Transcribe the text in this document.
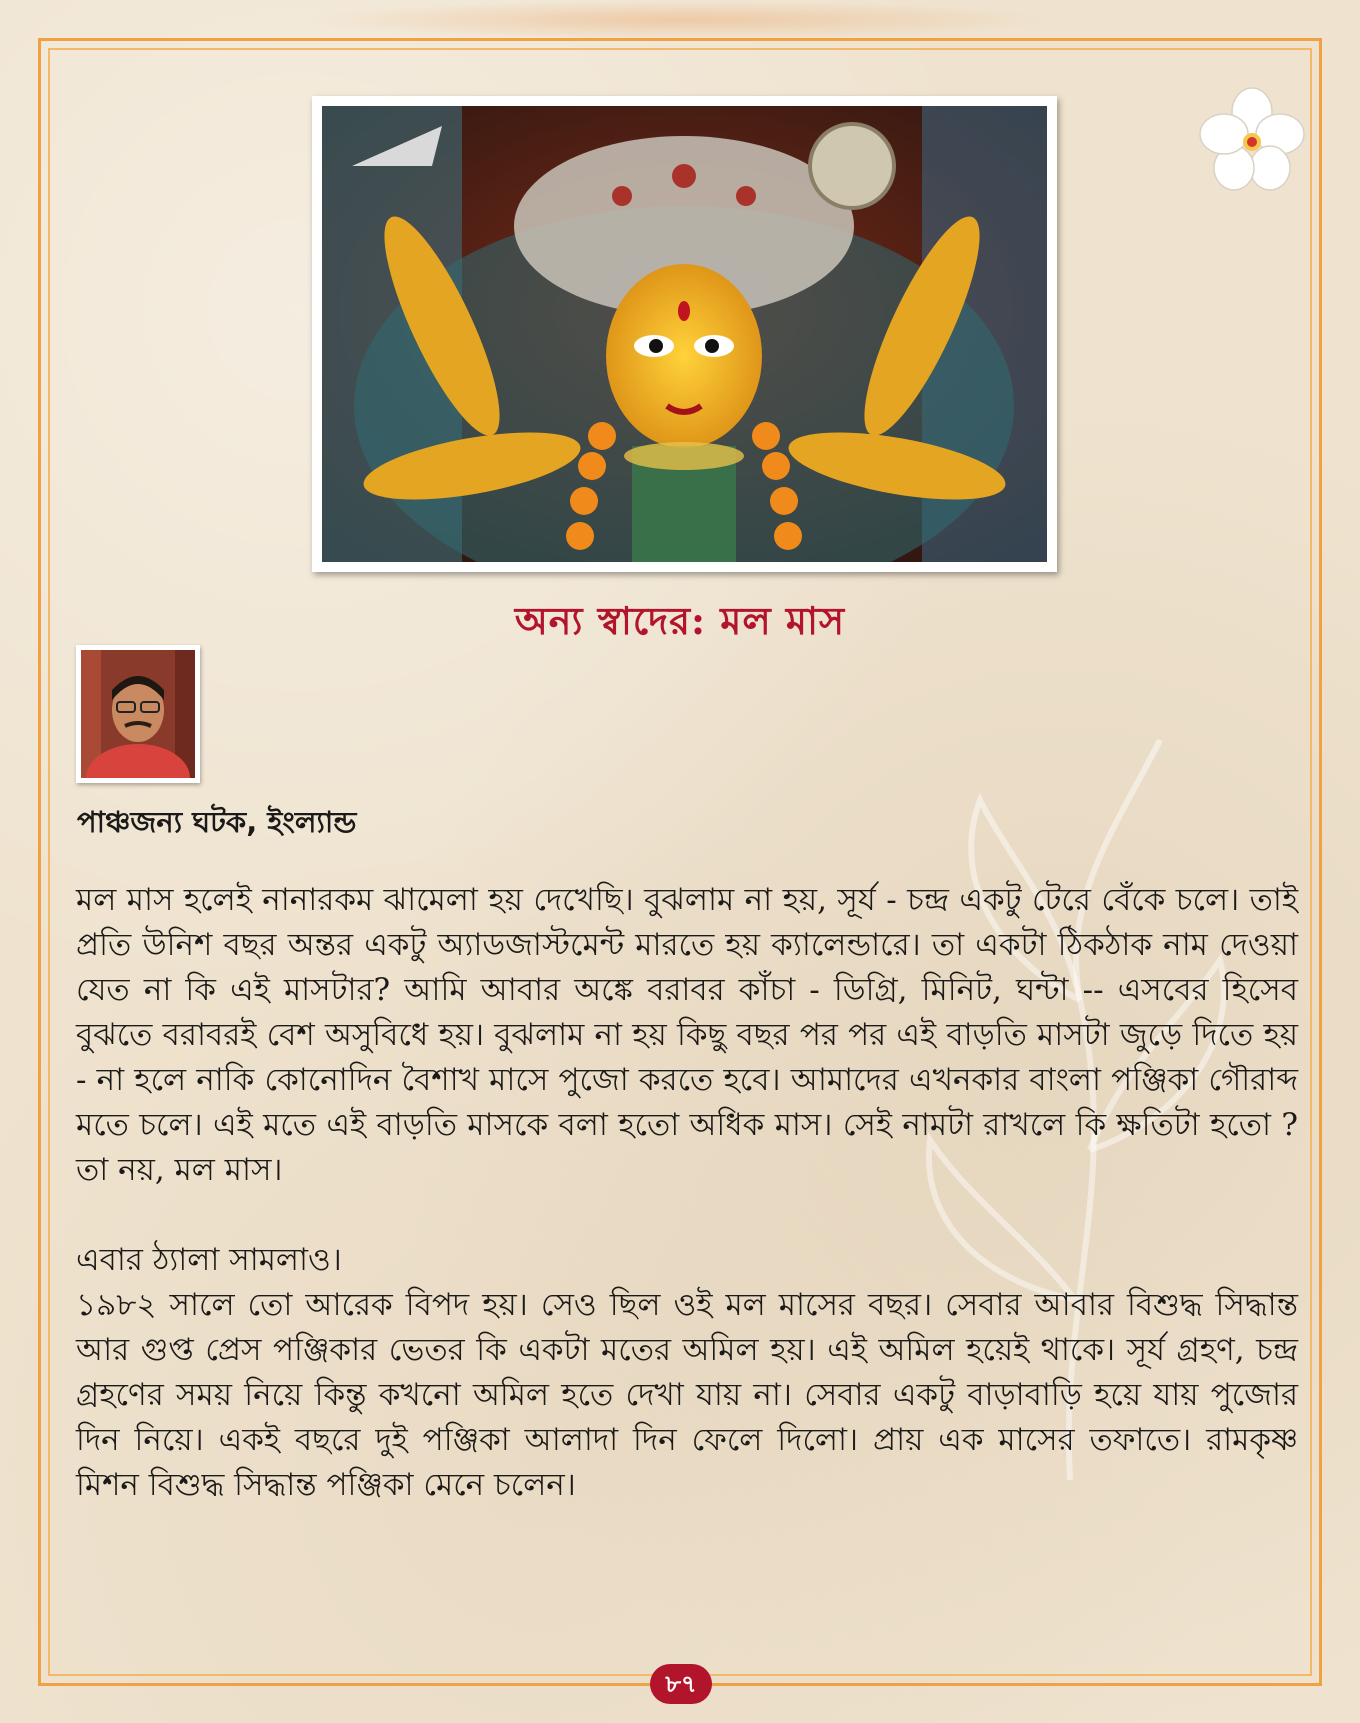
অন্য স্বাদের: মল মাস
পাঞ্চজন্য ঘটক, ইংল্যান্ড

মল মাস হলেই নানারকম ঝামেলা হয় দেখেছি। বুঝলাম না হয়, সূর্য - চন্দ্র একটু টেরে বেঁকে চলে। তাই প্রতি উনিশ বছর অন্তর একটু অ্যাডজাস্টমেন্ট মারতে হয় ক্যালেন্ডারে। তা একটা ঠিকঠাক নাম দেওয়া যেত না কি এই মাসটার? আমি আবার অঙ্কে বরাবর কাঁচা - ডিগ্রি, মিনিট, ঘন্টা -- এসবের হিসেব বুঝতে বরাবরই বেশ অসুবিধে হয়। বুঝলাম না হয় কিছু বছর পর পর এই বাড়তি মাসটা জুড়ে দিতে হয় - না হলে নাকি কোনোদিন বৈশাখ মাসে পুজো করতে হবে। আমাদের এখনকার বাংলা পঞ্জিকা গৌরাব্দ মতে চলে। এই মতে এই বাড়তি মাসকে বলা হতো অধিক মাস। সেই নামটা রাখলে কি ক্ষতিটা হতো ? তা নয়, মল মাস।

এবার ঠ্যালা সামলাও।

১৯৮২ সালে তো আরেক বিপদ হয়। সেও ছিল ওই মল মাসের বছর। সেবার আবার বিশুদ্ধ সিদ্ধান্ত আর গুপ্ত প্রেস পঞ্জিকার ভেতর কি একটা মতের অমিল হয়। এই অমিল হয়েই থাকে। সূর্য গ্রহণ, চন্দ্র গ্রহণের সময় নিয়ে কিন্তু কখনো অমিল হতে দেখা যায় না। সেবার একটু বাড়াবাড়ি হয়ে যায় পুজোর দিন নিয়ে। একই বছরে দুই পঞ্জিকা আলাদা দিন ফেলে দিলো। প্রায় এক মাসের তফাতে। রামকৃষ্ণ মিশন বিশুদ্ধ সিদ্ধান্ত পঞ্জিকা মেনে চলেন।

৮৭
